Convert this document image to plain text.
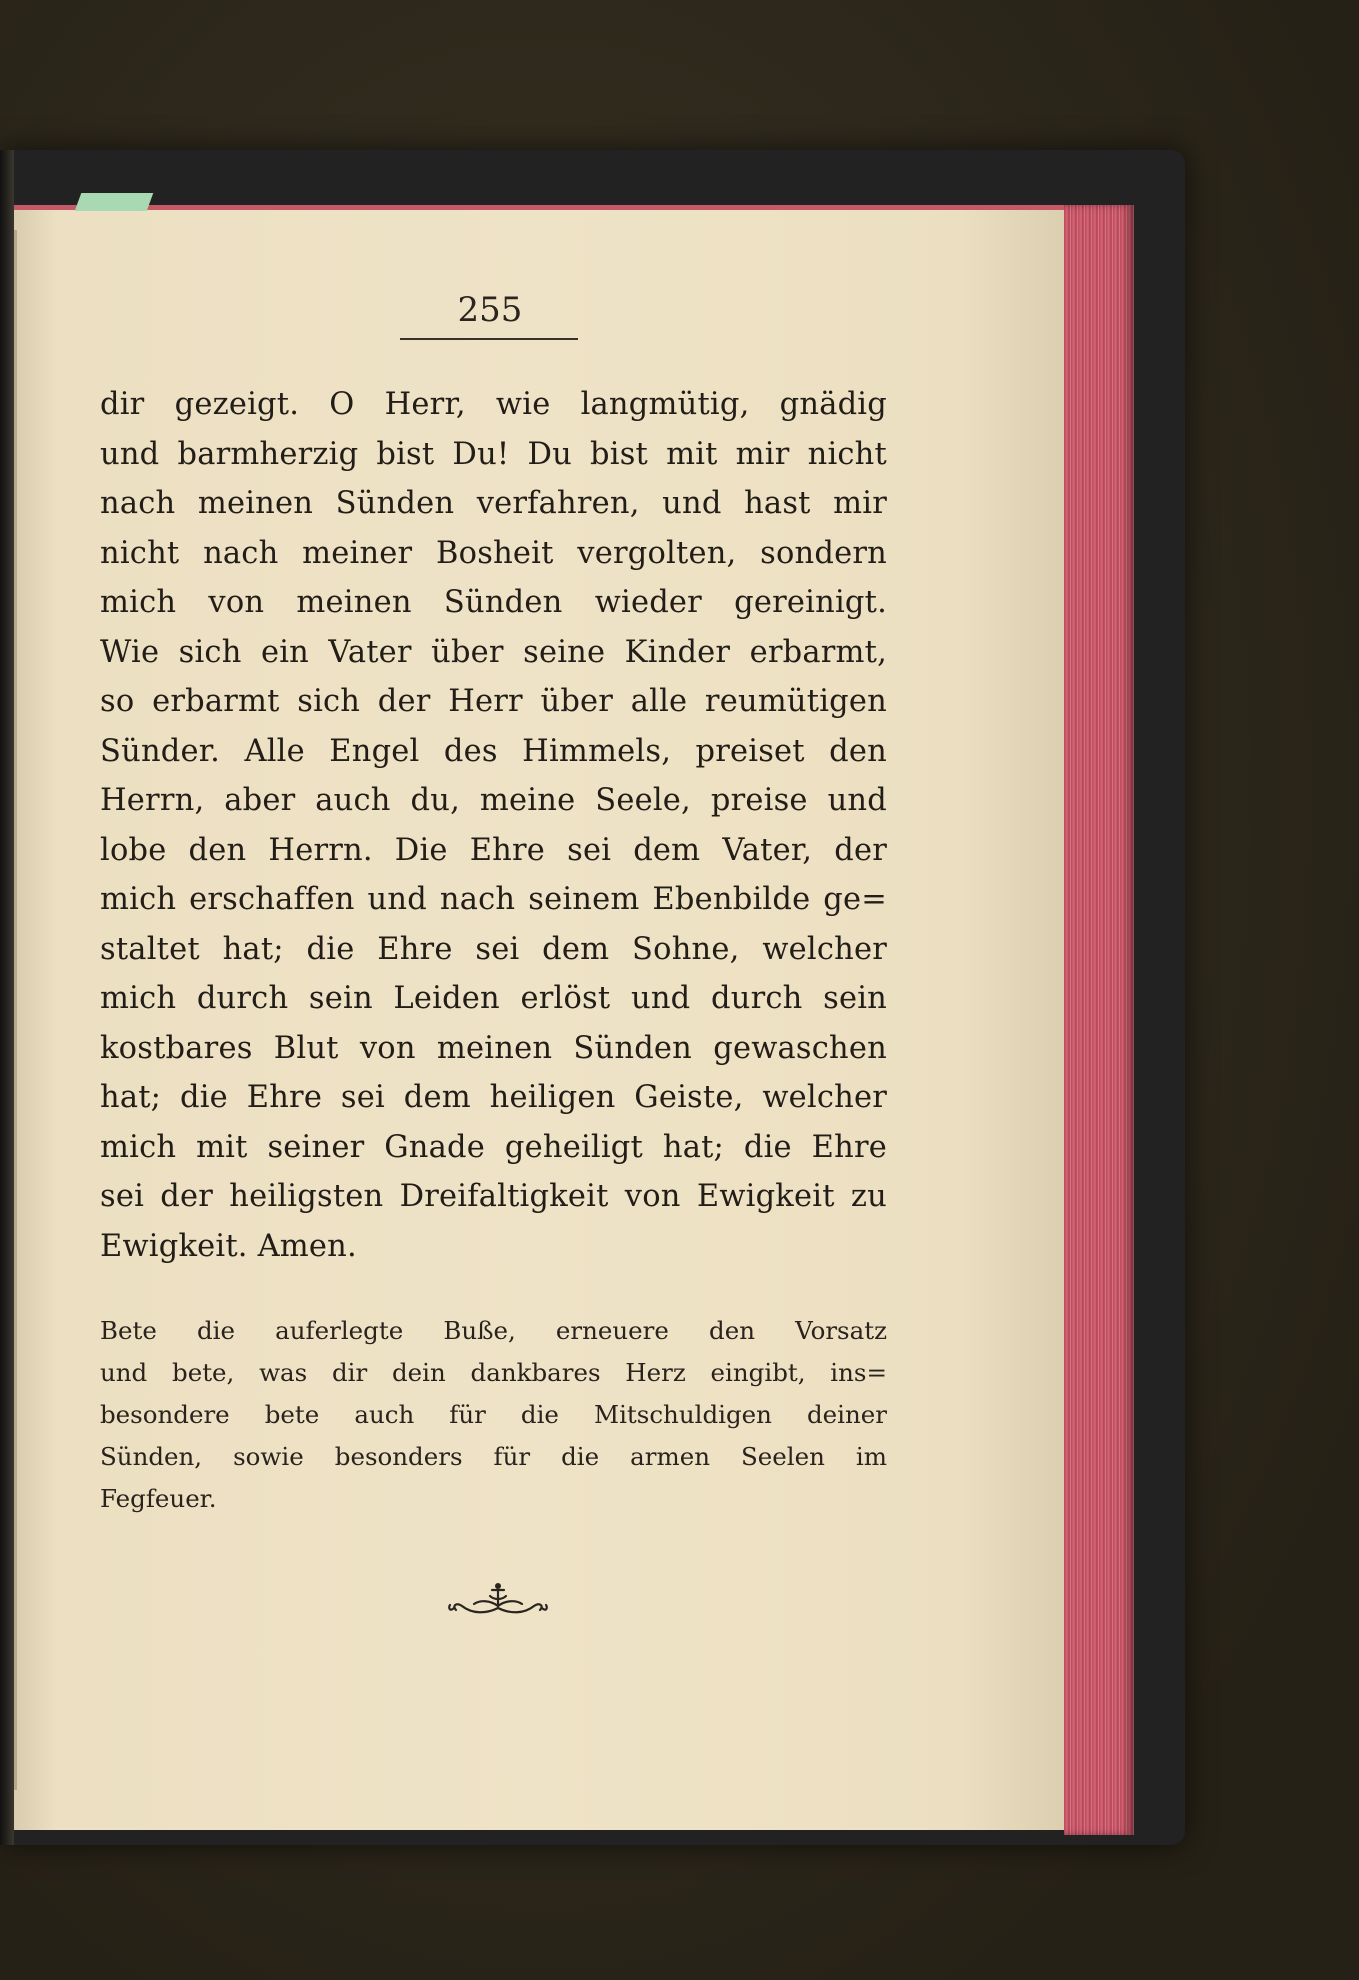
255

dir gezeigt. O Herr, wie langmütig, gnädig
und barmherzig bist Du! Du bist mit mir nicht
nach meinen Sünden verfahren, und hast mir
nicht nach meiner Bosheit vergolten, sondern
mich von meinen Sünden wieder gereinigt.
Wie sich ein Vater über seine Kinder erbarmt,
so erbarmt sich der Herr über alle reumütigen
Sünder. Alle Engel des Himmels, preiset den
Herrn, aber auch du, meine Seele, preise und
lobe den Herrn. Die Ehre sei dem Vater, der
mich erschaffen und nach seinem Ebenbilde ge=
staltet hat; die Ehre sei dem Sohne, welcher
mich durch sein Leiden erlöst und durch sein
kostbares Blut von meinen Sünden gewaschen
hat; die Ehre sei dem heiligen Geiste, welcher
mich mit seiner Gnade geheiligt hat; die Ehre
sei der heiligsten Dreifaltigkeit von Ewigkeit zu
Ewigkeit. Amen.

Bete die auferlegte Buße, erneuere den Vorsatz
und bete, was dir dein dankbares Herz eingibt, ins=
besondere bete auch für die Mitschuldigen deiner
Sünden, sowie besonders für die armen Seelen im
Fegfeuer.
